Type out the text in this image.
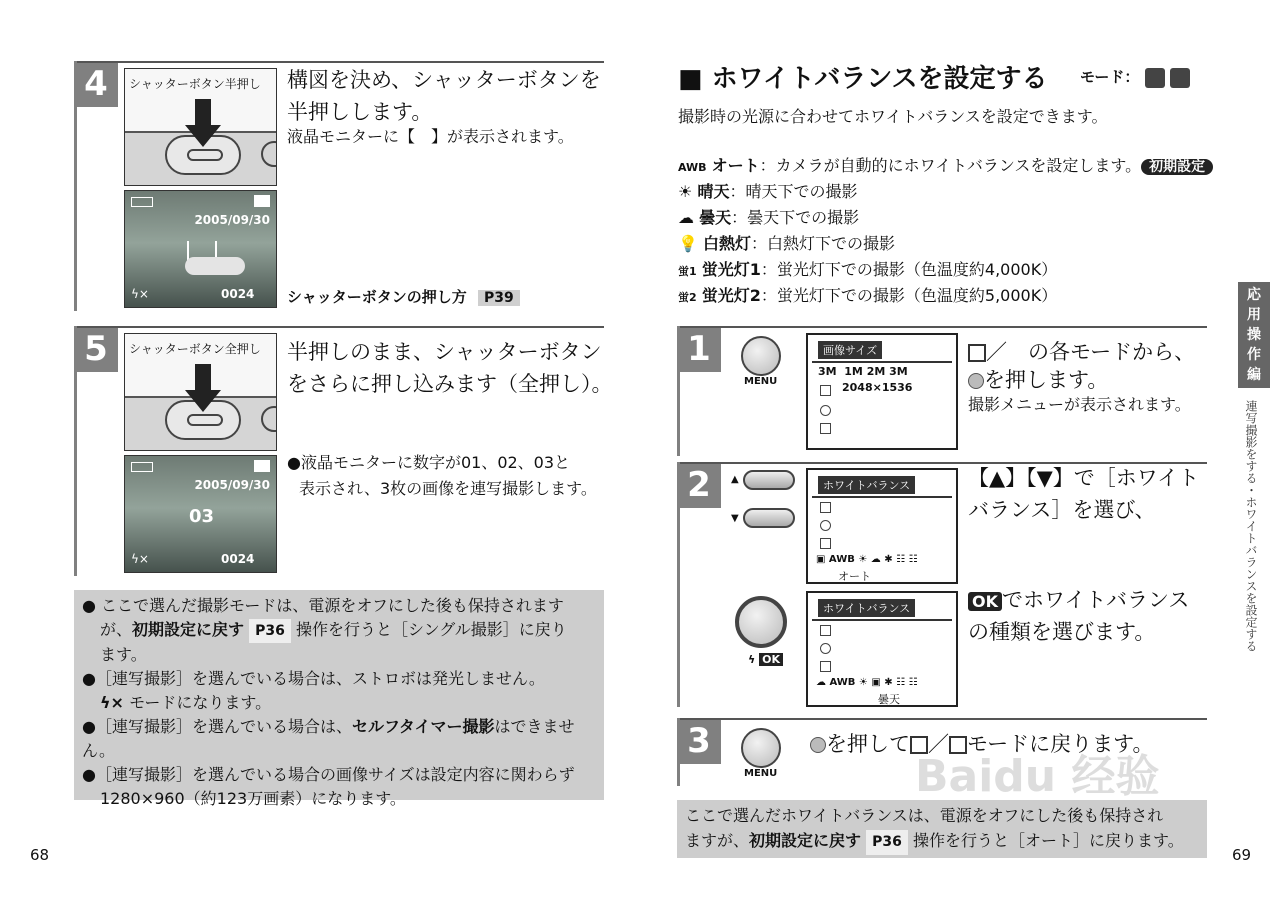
4	シャッターボタン半押し
2005/09/30
ϟ×	0024
構図を決め、シャッターボタンを
半押しします。
液晶モニターに【　】が表示されます。
シャッターボタンの押し方 P39
5	シャッターボタン全押し
2005/09/30
03
ϟ×	0024
半押しのまま、シャッターボタン
をさらに押し込みます（全押し）。
●液晶モニターに数字が01、02、03と
表示され、3枚の画像を連写撮影します。

● ここで選んだ撮影モードは、電源をオフにした後も保持されます

が、初期設定に戻す P36 操作を行うと［シングル撮影］に戻り

ます。

●［連写撮影］を選んでいる場合は、ストロボは発光しません。

ϟ× モードになります。

●［連写撮影］を選んでいる場合は、セルフタイマー撮影はできません。

●［連写撮影］を選んでいる場合の画像サイズは設定内容に関わらず

1280×960（約123万画素）になります。

68
■ ホワイトバランスを設定する モード：
撮影時の光源に合わせてホワイトバランスを設定できます。
AWB オート：カメラが自動的にホワイトバランスを設定します。 初期設定
☀ 晴天：晴天下での撮影
☁ 曇天：曇天下での撮影
💡 白熱灯：白熱灯下での撮影
蛍1 蛍光灯1：蛍光灯下での撮影（色温度約4,000K）
蛍2 蛍光灯2：蛍光灯下での撮影（色温度約5,000K）	応
用
操
作
編
連写撮影をする・ホワイトバランスを設定する
1
MENU
画像サイズ
3M  1M 2M 3M
2048×1536
／　の各モードから、
を押します。
撮影メニューが表示されます。
2	▲
▼
ホワイトバランス
▣ AWB ☀ ☁ ✱ ☷ ☷
オート
ホワイトバランス
☁ AWB ☀ ▣ ✱ ☷ ☷
曇天
ϟ OK
【▲】【▼】で［ホワイト
バランス］を選び、
OK でホワイトバランス
の種類を選びます。
3
MENU
を押して ／ モードに戻ります。

ここで選んだホワイトバランスは、電源をオフにした後も保持され

ますが、初期設定に戻す P36 操作を行うと［オート］に戻ります。

69
Baidu 经验
